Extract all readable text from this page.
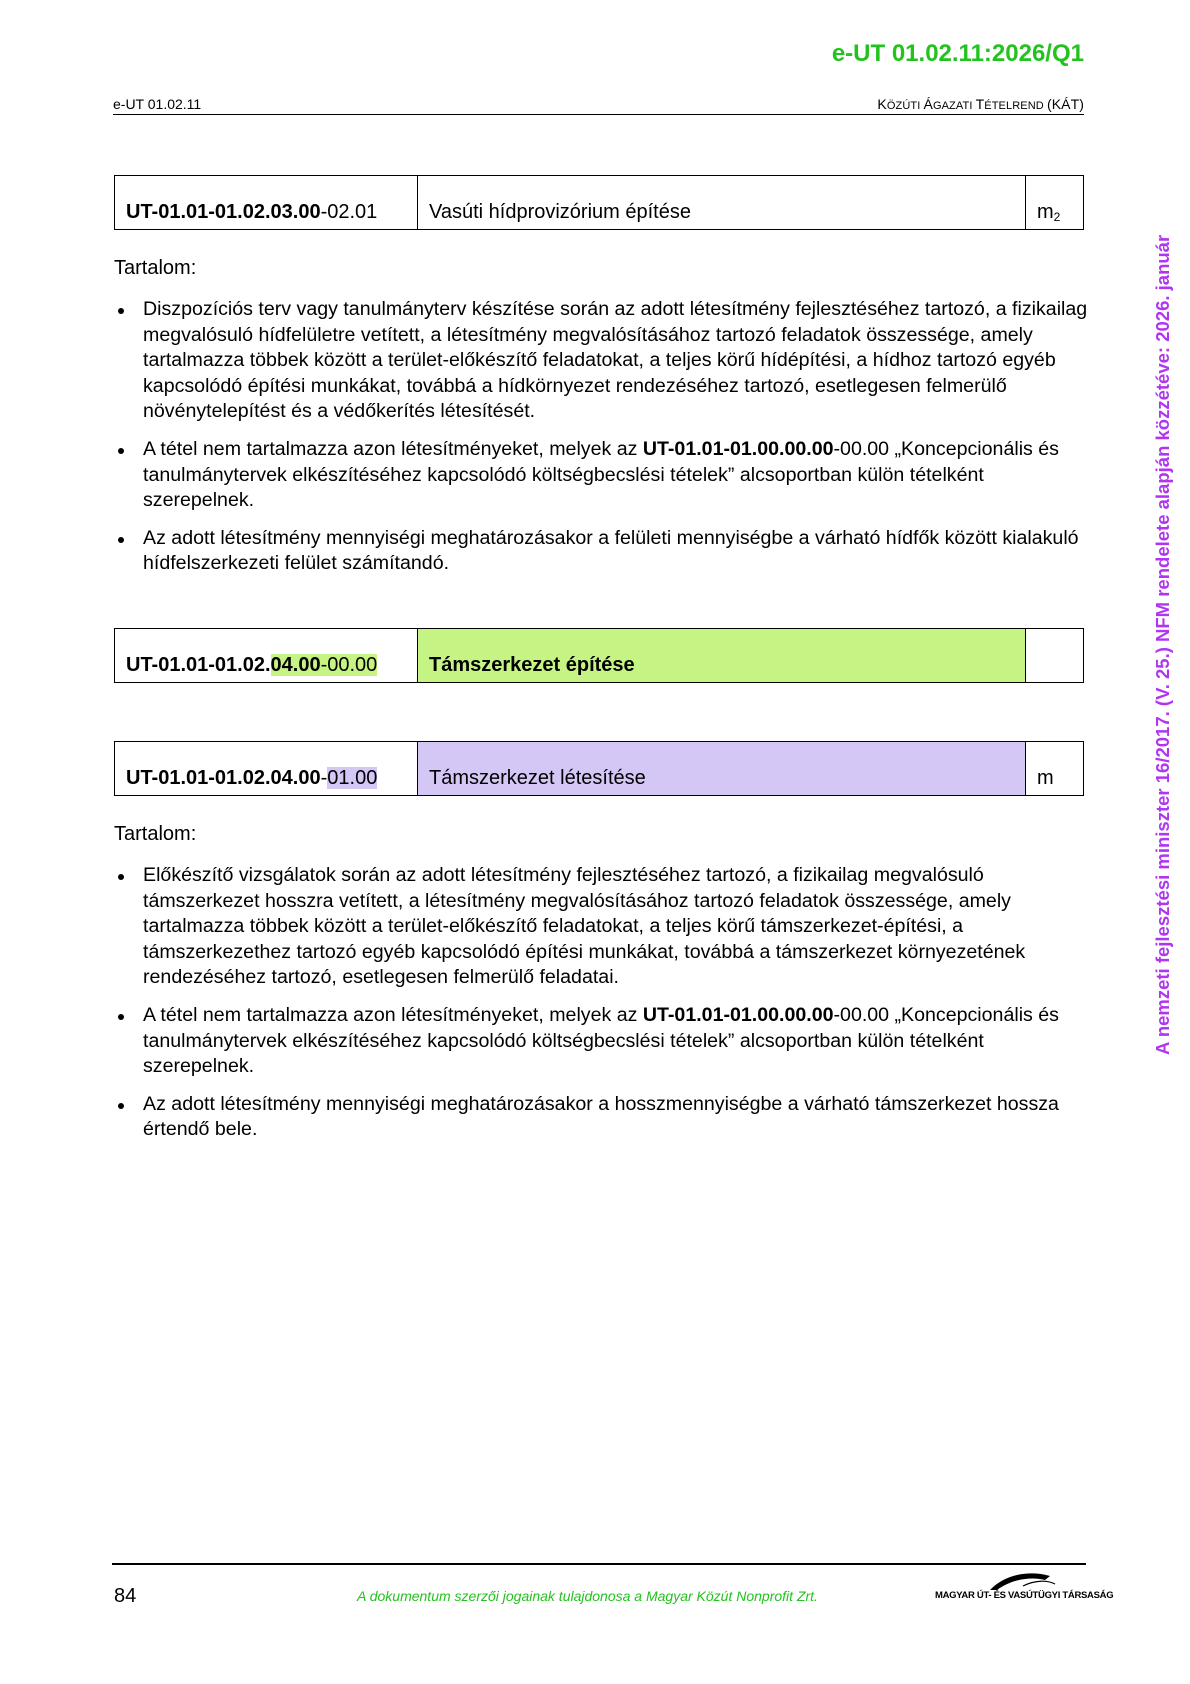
e-UT 01.02.11:2026/Q1
e-UT 01.02.11	KÖZÚTI ÁGAZATI TÉTELREND (KÁT)
UT-01.01-01.02.03.00-02.01	Vasúti hídprovizórium építése	$m_2$
Tartalom:
Diszpozíciós terv vagy tanulmányterv készítése során az adott létesítmény fejlesztéséhez tartozó, a fizikailag megvalósuló hídfelületre vetített, a létesítmény megvalósításához tartozó feladatok összessége, amely tartalmazza többek között a terület-előkészítő feladatokat, a teljes körű hídépítési, a hídhoz tartozó egyéb kapcsolódó építési munkákat, továbbá a hídkörnyezet rendezéséhez tartozó, esetlegesen felmerülő növénytelepítést és a védőkerítés létesítését.
A tétel nem tartalmazza azon létesítményeket, melyek az UT-01.01-01.00.00.00-00.00 „Koncepcionális és tanulmánytervek elkészítéséhez kapcsolódó költségbecslési tételek” alcsoportban külön tételként szerepelnek.
Az adott létesítmény mennyiségi meghatározásakor a felületi mennyiségbe a várható hídfők között kialakuló hídfelszerkezeti felület számítandó.
UT-01.01-01.02.04.00-00.00	Támszerkezet építése
UT-01.01-01.02.04.00-01.00	Támszerkezet létesítése	m
Tartalom:
Előkészítő vizsgálatok során az adott létesítmény fejlesztéséhez tartozó, a fizikailag megvalósuló támszerkezet hosszra vetített, a létesítmény megvalósításához tartozó feladatok összessége, amely tartalmazza többek között a terület-előkészítő feladatokat, a teljes körű támszerkezet-építési, a támszerkezethez tartozó egyéb kapcsolódó építési munkákat, továbbá a támszerkezet környezetének rendezéséhez tartozó, esetlegesen felmerülő feladatai.
A tétel nem tartalmazza azon létesítményeket, melyek az UT-01.01-01.00.00.00-00.00 „Koncepcionális és tanulmánytervek elkészítéséhez kapcsolódó költségbecslési tételek” alcsoportban külön tételként szerepelnek.
Az adott létesítmény mennyiségi meghatározásakor a hosszmennyiségbe a várható támszerkezet hossza értendő bele.
A nemzeti fejlesztési miniszter 16/2017. (V. 25.) NFM rendelete alapján közzétéve: 2026. január
84	A dokumentum szerzői jogainak tulajdonosa a Magyar Közút Nonprofit Zrt.	MAGYAR ÚT- ÉS VASÚTÜGYI TÁRSASÁG
